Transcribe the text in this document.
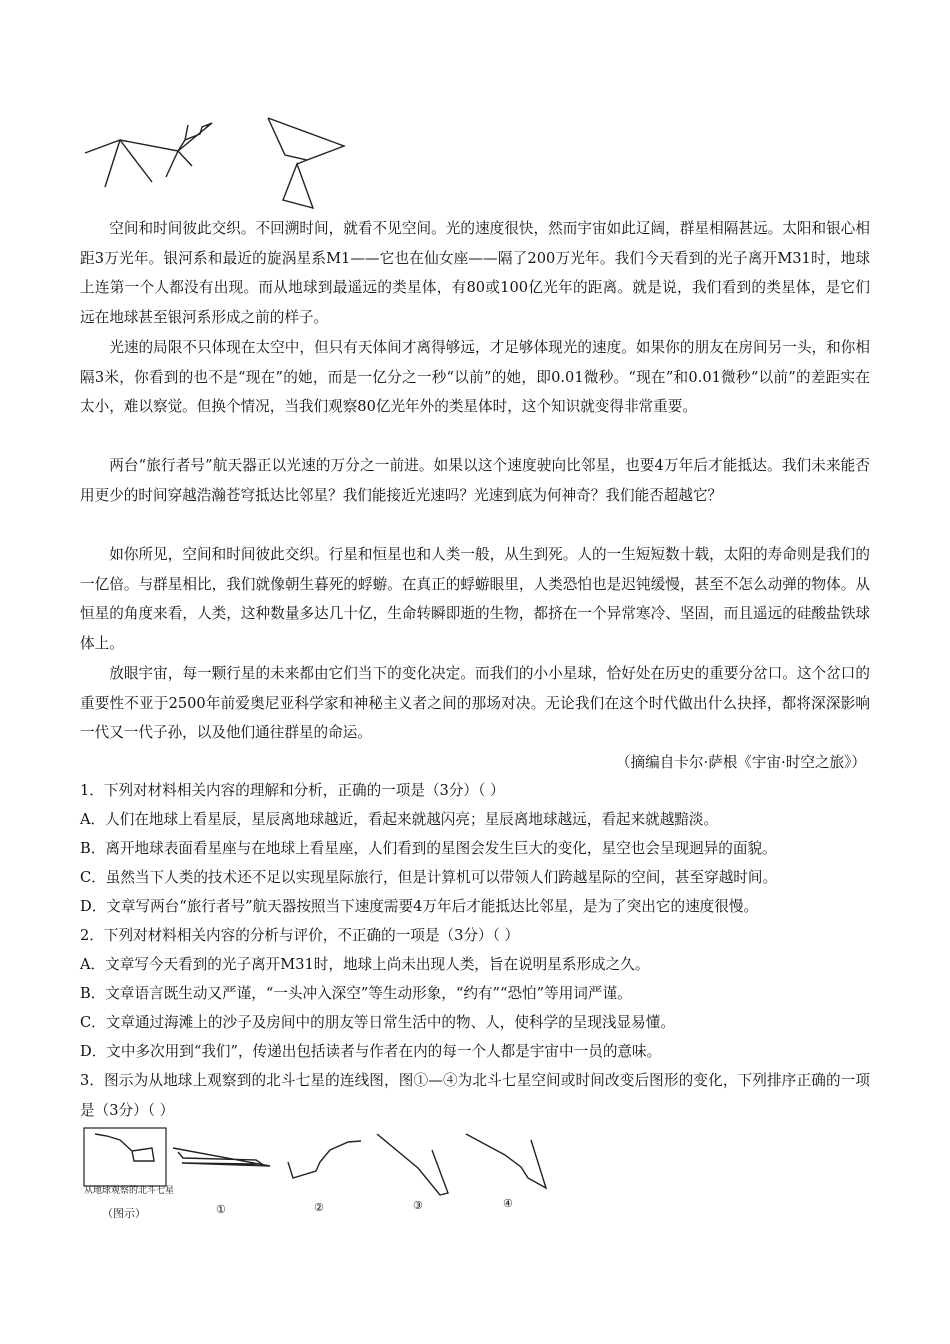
空间和时间彼此交织。不回溯时间，就看不见空间。光的速度很快，然而宇宙如此辽阔，群星相隔甚远。太阳和银心相距3万光年。银河系和最近的旋涡星系M1——它也在仙女座——隔了200万光年。我们今天看到的光子离开M31时，地球上连第一个人都没有出现。而从地球到最遥远的类星体，有80或100亿光年的距离。就是说，我们看到的类星体，是它们远在地球甚至银河系形成之前的样子。

光速的局限不只体现在太空中，但只有天体间才离得够远，才足够体现光的速度。如果你的朋友在房间另一头，和你相隔3米，你看到的也不是“现在”的她，而是一亿分之一秒“以前”的她，即0.01微秒。“现在”和0.01微秒“以前”的差距实在太小，难以察觉。但换个情况，当我们观察80亿光年外的类星体时，这个知识就变得非常重要。

两台“旅行者号”航天器正以光速的万分之一前进。如果以这个速度驶向比邻星，也要4万年后才能抵达。我们未来能否用更少的时间穿越浩瀚苍穹抵达比邻星？我们能接近光速吗？光速到底为何神奇？我们能否超越它？

如你所见，空间和时间彼此交织。行星和恒星也和人类一般，从生到死。人的一生短短数十载，太阳的寿命则是我们的一亿倍。与群星相比，我们就像朝生暮死的蜉蝣。在真正的蜉蝣眼里，人类恐怕也是迟钝缓慢，甚至不怎么动弹的物体。从恒星的角度来看，人类，这种数量多达几十亿，生命转瞬即逝的生物，都挤在一个异常寒冷、坚固，而且遥远的硅酸盐铁球体上。

放眼宇宙，每一颗行星的未来都由它们当下的变化决定。而我们的小小星球，恰好处在历史的重要分岔口。这个岔口的重要性不亚于2500年前爱奥尼亚科学家和神秘主义者之间的那场对决。无论我们在这个时代做出什么抉择，都将深深影响一代又一代子孙，以及他们通往群星的命运。

（摘编自卡尔·萨根《宇宙·时空之旅》）

1．下列对材料相关内容的理解和分析，正确的一项是（3分）（ ）

A．人们在地球上看星辰，星辰离地球越近，看起来就越闪亮；星辰离地球越远，看起来就越黯淡。

B．离开地球表面看星座与在地球上看星座，人们看到的星图会发生巨大的变化，星空也会呈现迥异的面貌。

C．虽然当下人类的技术还不足以实现星际旅行，但是计算机可以带领人们跨越星际的空间，甚至穿越时间。

D．文章写两台“旅行者号”航天器按照当下速度需要4万年后才能抵达比邻星，是为了突出它的速度很慢。

2．下列对材料相关内容的分析与评价，不正确的一项是（3分）（ ）

A．文章写今天看到的光子离开M31时，地球上尚未出现人类，旨在说明星系形成之久。

B．文章语言既生动又严谨，“一头冲入深空”等生动形象，“约有”“恐怕”等用词严谨。

C．文章通过海滩上的沙子及房间中的朋友等日常生活中的物、人，使科学的呈现浅显易懂。

D．文中多次用到“我们”，传递出包括读者与作者在内的每一个人都是宇宙中一员的意味。

3．图示为从地球上观察到的北斗七星的连线图，图①—④为北斗七星空间或时间改变后图形的变化，下列排序正确的一项是（3分）（ ）

从地球观察的北斗七星
（图示）	①	②	③	④
